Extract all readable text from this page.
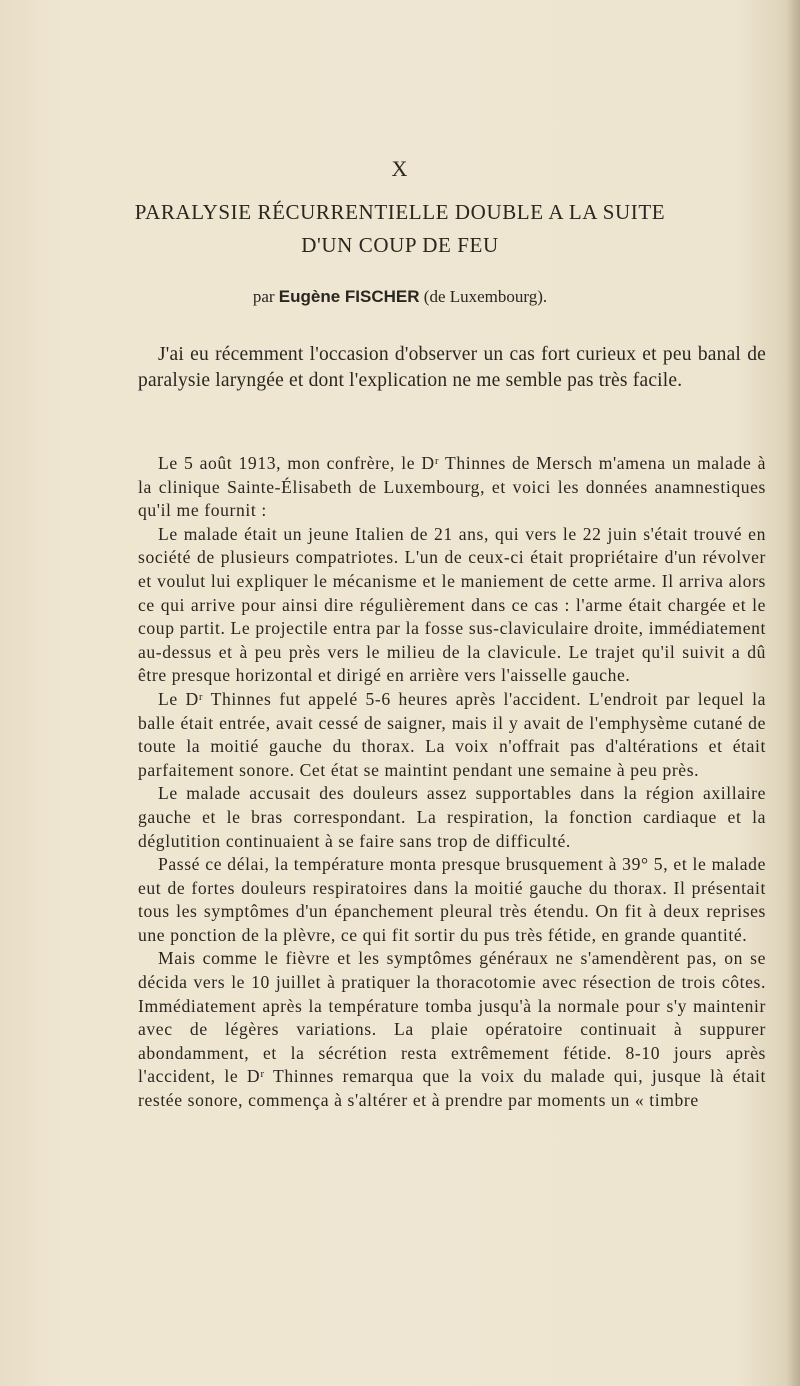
X
PARALYSIE RÉCURRENTIELLE DOUBLE A LA SUITE
D'UN COUP DE FEU
par Eugène FISCHER (de Luxembourg).

J'ai eu récemment l'occasion d'observer un cas fort curieux et peu banal de paralysie laryngée et dont l'explication ne me semble pas très facile.

Le 5 août 1913, mon confrère, le Dʳ Thinnes de Mersch m'amena un malade à la clinique Sainte-Élisabeth de Luxembourg, et voici les données anamnestiques qu'il me fournit :

Le malade était un jeune Italien de 21 ans, qui vers le 22 juin s'était trouvé en société de plusieurs compatriotes. L'un de ceux-ci était propriétaire d'un révolver et voulut lui expliquer le mécanisme et le maniement de cette arme. Il arriva alors ce qui arrive pour ainsi dire régulièrement dans ce cas : l'arme était chargée et le coup partit. Le projectile entra par la fosse sus-claviculaire droite, immédiatement au-dessus et à peu près vers le milieu de la clavicule. Le trajet qu'il suivit a dû être presque horizontal et dirigé en arrière vers l'aisselle gauche.

Le Dʳ Thinnes fut appelé 5-6 heures après l'accident. L'endroit par lequel la balle était entrée, avait cessé de saigner, mais il y avait de l'emphysème cutané de toute la moitié gauche du thorax. La voix n'offrait pas d'altérations et était parfaitement sonore. Cet état se maintint pendant une semaine à peu près.

Le malade accusait des douleurs assez supportables dans la région axillaire gauche et le bras correspondant. La respiration, la fonction cardiaque et la déglutition continuaient à se faire sans trop de difficulté.

Passé ce délai, la température monta presque brusquement à 39° 5, et le malade eut de fortes douleurs respiratoires dans la moitié gauche du thorax. Il présentait tous les symptômes d'un épanchement pleural très étendu. On fit à deux reprises une ponction de la plèvre, ce qui fit sortir du pus très fétide, en grande quantité.

Mais comme le fièvre et les symptômes généraux ne s'amendèrent pas, on se décida vers le 10 juillet à pratiquer la thoracotomie avec résection de trois côtes. Immédiatement après la température tomba jusqu'à la normale pour s'y maintenir avec de légères variations. La plaie opératoire continuait à suppurer abondamment, et la sécrétion resta extrêmement fétide. 8-10 jours après l'accident, le Dʳ Thinnes remarqua que la voix du malade qui, jusque là était restée sonore, commença à s'altérer et à prendre par moments un « timbre
